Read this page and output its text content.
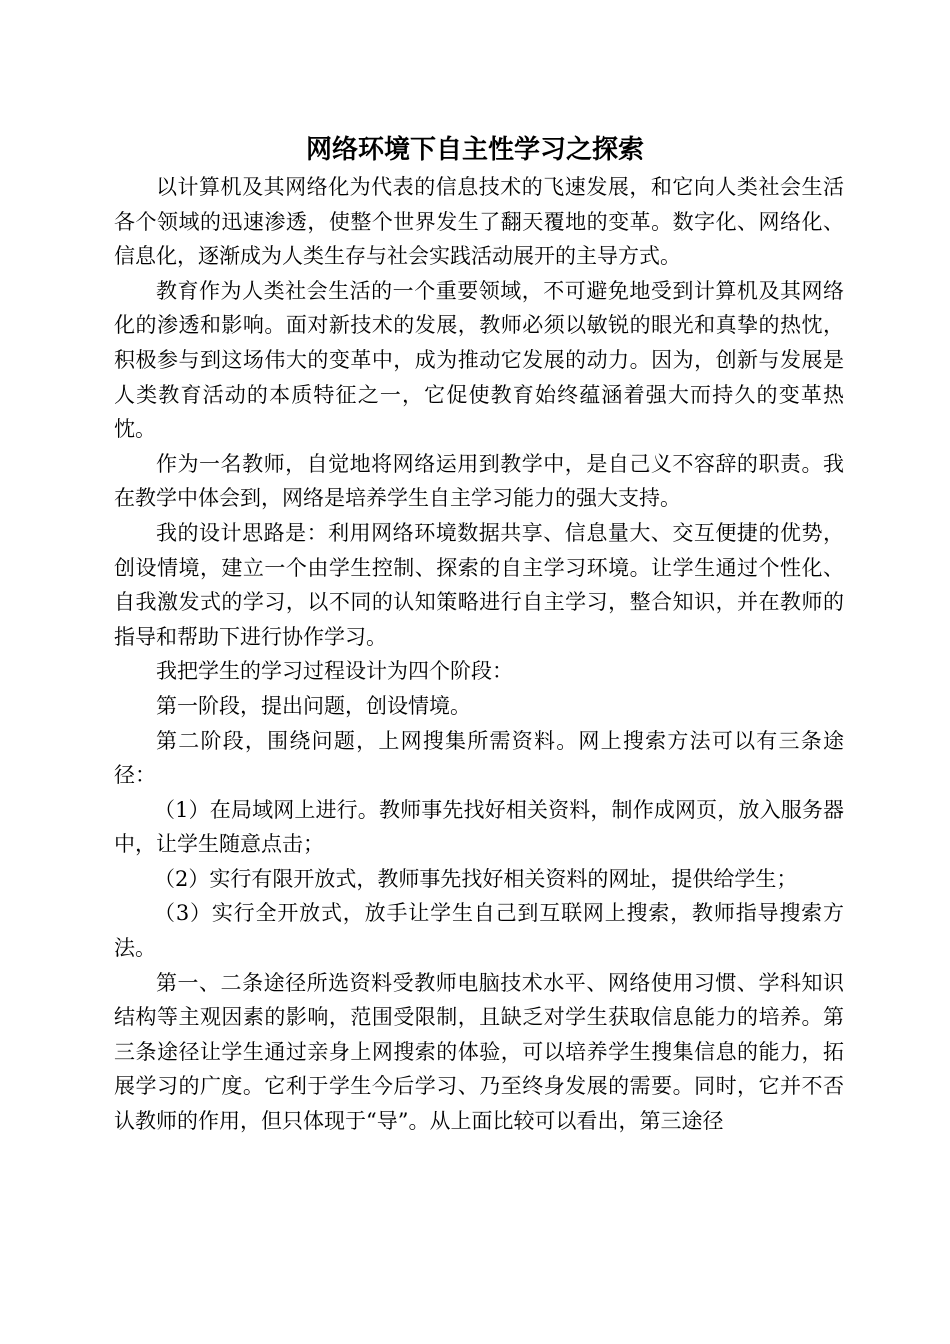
网络环境下自主性学习之探索

以计算机及其网络化为代表的信息技术的飞速发展，和它向人类社会生活各个领域的迅速渗透，使整个世界发生了翻天覆地的变革。数字化、网络化、信息化，逐渐成为人类生存与社会实践活动展开的主导方式。

教育作为人类社会生活的一个重要领域，不可避免地受到计算机及其网络化的渗透和影响。面对新技术的发展，教师必须以敏锐的眼光和真挚的热忱，积极参与到这场伟大的变革中，成为推动它发展的动力。因为，创新与发展是人类教育活动的本质特征之一，它促使教育始终蕴涵着强大而持久的变革热忱。

作为一名教师，自觉地将网络运用到教学中，是自己义不容辞的职责。我在教学中体会到，网络是培养学生自主学习能力的强大支持。

我的设计思路是：利用网络环境数据共享、信息量大、交互便捷的优势，创设情境，建立一个由学生控制、探索的自主学习环境。让学生通过个性化、自我激发式的学习，以不同的认知策略进行自主学习，整合知识，并在教师的指导和帮助下进行协作学习。

我把学生的学习过程设计为四个阶段：

第一阶段，提出问题，创设情境。

第二阶段，围绕问题，上网搜集所需资料。网上搜索方法可以有三条途径：

（1）在局域网上进行。教师事先找好相关资料，制作成网页，放入服务器中，让学生随意点击；

（2）实行有限开放式，教师事先找好相关资料的网址，提供给学生；

（3）实行全开放式，放手让学生自己到互联网上搜索，教师指导搜索方法。

第一、二条途径所选资料受教师电脑技术水平、网络使用习惯、学科知识结构等主观因素的影响，范围受限制，且缺乏对学生获取信息能力的培养。第三条途径让学生通过亲身上网搜索的体验，可以培养学生搜集信息的能力，拓展学习的广度。它利于学生今后学习、乃至终身发展的需要。同时，它并不否认教师的作用，但只体现于“导”。从上面比较可以看出，第三途径
